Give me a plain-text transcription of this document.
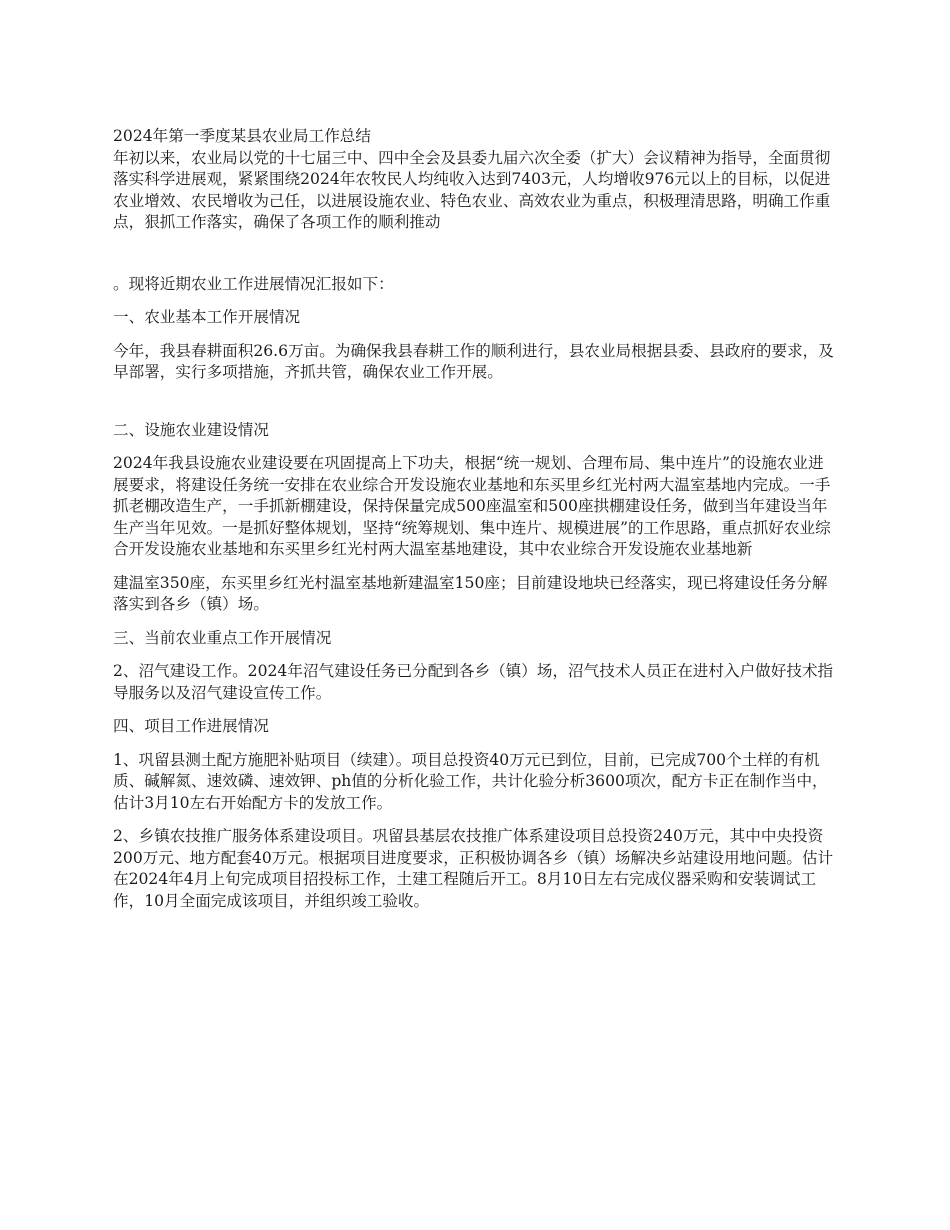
2024年第一季度某县农业局工作总结

年初以来，农业局以党的十七届三中、四中全会及县委九届六次全委（扩大）会议精神为指导，全面贯彻落实科学进展观，紧紧围绕2024年农牧民人均纯收入达到7403元，人均增收976元以上的目标，以促进农业增效、农民增收为己任，以进展设施农业、特色农业、高效农业为重点，积极理清思路，明确工作重点，狠抓工作落实，确保了各项工作的顺利推动

。现将近期农业工作进展情况汇报如下：

一、农业基本工作开展情况

今年，我县春耕面积26.6万亩。为确保我县春耕工作的顺利进行，县农业局根据县委、县政府的要求，及早部署，实行多项措施，齐抓共管，确保农业工作开展。

二、设施农业建设情况

2024年我县设施农业建设要在巩固提高上下功夫，根据“统一规划、合理布局、集中连片”的设施农业进展要求，将建设任务统一安排在农业综合开发设施农业基地和东买里乡红光村两大温室基地内完成。一手抓老棚改造生产，一手抓新棚建设，保持保量完成500座温室和500座拱棚建设任务，做到当年建设当年生产当年见效。一是抓好整体规划，坚持“统筹规划、集中连片、规模进展”的工作思路，重点抓好农业综合开发设施农业基地和东买里乡红光村两大温室基地建设，其中农业综合开发设施农业基地新

建温室350座，东买里乡红光村温室基地新建温室150座；目前建设地块已经落实，现已将建设任务分解落实到各乡（镇）场。

三、当前农业重点工作开展情况

2、沼气建设工作。2024年沼气建设任务已分配到各乡（镇）场，沼气技术人员正在进村入户做好技术指导服务以及沼气建设宣传工作。

四、项目工作进展情况

1、巩留县测土配方施肥补贴项目（续建）。项目总投资40万元已到位，目前，已完成700个土样的有机质、碱解氮、速效磷、速效钾、ph值的分析化验工作，共计化验分析3600项次，配方卡正在制作当中，估计3月10左右开始配方卡的发放工作。

2、乡镇农技推广服务体系建设项目。巩留县基层农技推广体系建设项目总投资240万元，其中中央投资200万元、地方配套40万元。根据项目进度要求，正积极协调各乡（镇）场解决乡站建设用地问题。估计在2024年4月上旬完成项目招投标工作，土建工程随后开工。8月10日左右完成仪器采购和安装调试工作，10月全面完成该项目，并组织竣工验收。
